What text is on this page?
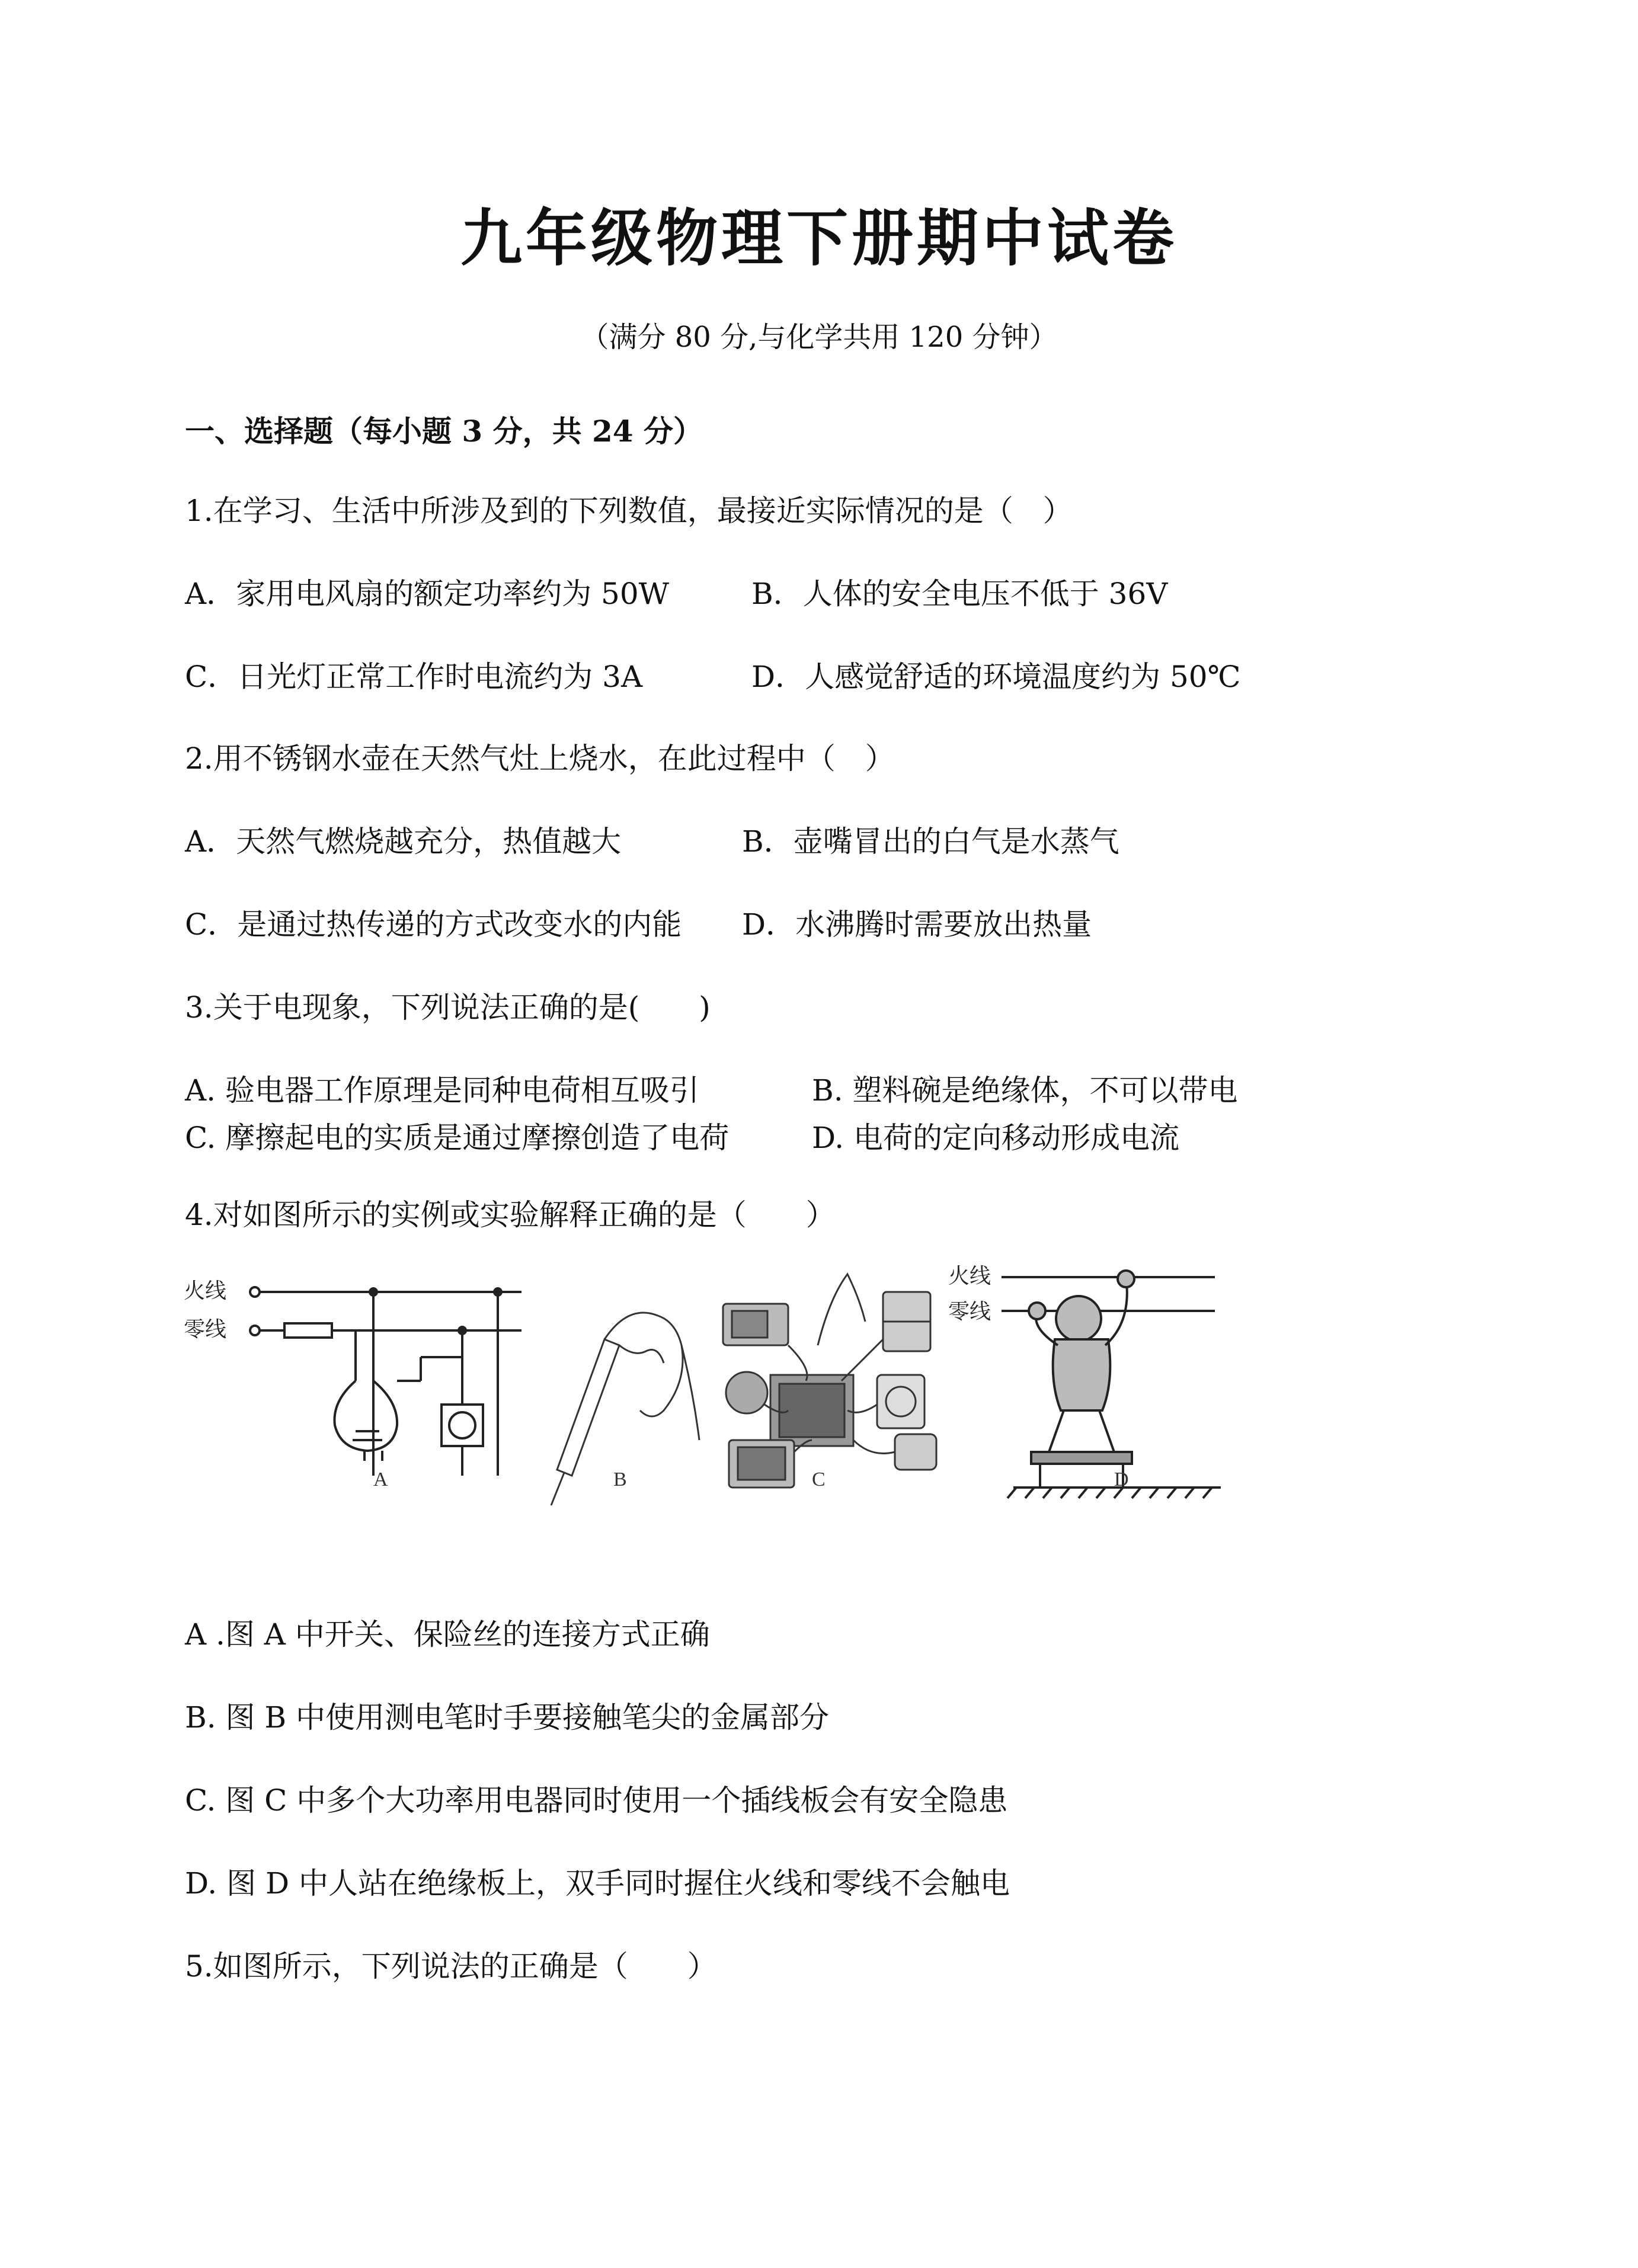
九年级物理下册期中试卷
（满分 80 分,与化学共用 120 分钟）
一、选择题（每小题 3 分，共 24 分）
1.在学习、生活中所涉及到的下列数值，最接近实际情况的是（　）
A．家用电风扇的额定功率约为 50W	B．人体的安全电压不低于 36V
C．日光灯正常工作时电流约为 3A	D．人感觉舒适的环境温度约为 50℃
2.用不锈钢水壶在天然气灶上烧水，在此过程中（　）
A．天然气燃烧越充分，热值越大	B．壶嘴冒出的白气是水蒸气
C．是通过热传递的方式改变水的内能 D．水沸腾时需要放出热量
3.关于电现象，下列说法正确的是(　　)
A. 验电器工作原理是同种电荷相互吸引	B. 塑料碗是绝缘体，不可以带电
C. 摩擦起电的实质是通过摩擦创造了电荷	D. 电荷的定向移动形成电流
4.对如图所示的实例或实验解释正确的是（　　）
火线
零线
火线
零线
A	B	C	D
A .图 A 中开关、保险丝的连接方式正确
B. 图 B 中使用测电笔时手要接触笔尖的金属部分
C. 图 C 中多个大功率用电器同时使用一个插线板会有安全隐患
D. 图 D 中人站在绝缘板上，双手同时握住火线和零线不会触电
5.如图所示，下列说法的正确是（　　）
